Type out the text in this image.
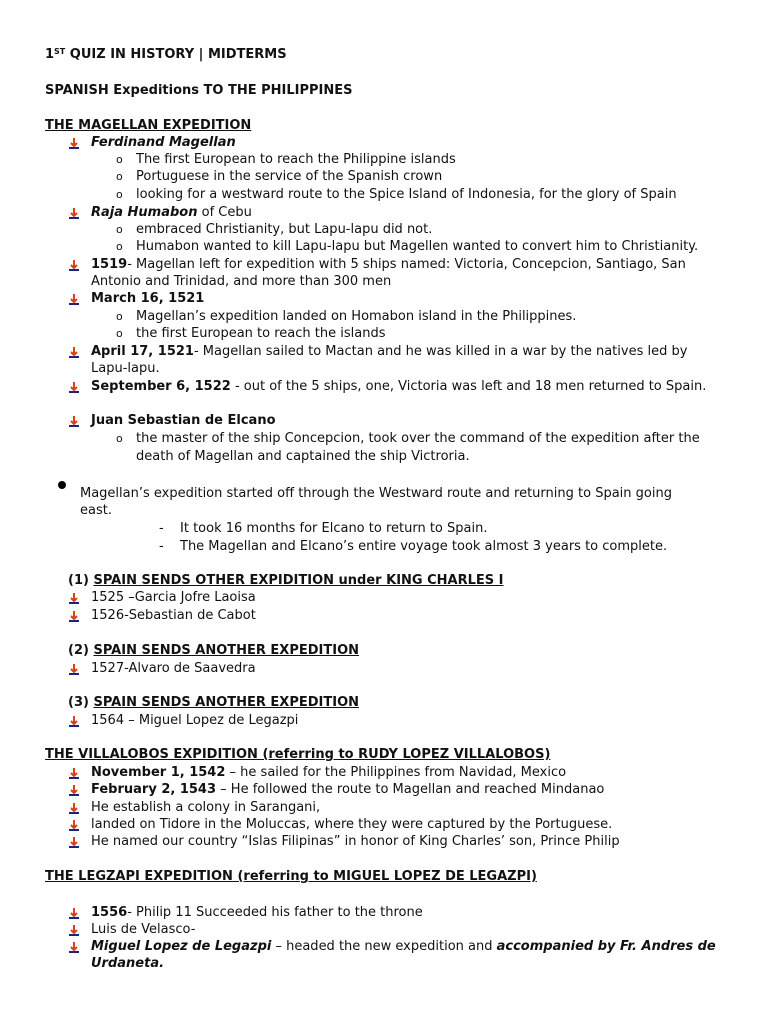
1ST QUIZ IN HISTORY | MIDTERMS
SPANISH Expeditions TO THE PHILIPPINES
THE MAGELLAN EXPEDITION
Ferdinand Magellan
o The first European to reach the Philippine islands
o Portuguese in the service of the Spanish crown
o looking for a westward route to the Spice Island of Indonesia, for the glory of Spain
Raja Humabon of Cebu
o embraced Christianity, but Lapu-lapu did not.
o Humabon wanted to kill Lapu-lapu but Magellen wanted to convert him to Christianity.
1519- Magellan left for expedition with 5 ships named: Victoria, Concepcion, Santiago, San
Antonio and Trinidad, and more than 300 men
March 16, 1521
o Magellan’s expedition landed on Homabon island in the Philippines.
o the first European to reach the islands
April 17, 1521- Magellan sailed to Mactan and he was killed in a war by the natives led by
Lapu-lapu.
September 6, 1522 - out of the 5 ships, one, Victoria was left and 18 men returned to Spain.
Juan Sebastian de Elcano
o the master of the ship Concepcion, took over the command of the expedition after the
death of Magellan and captained the ship Victroria.
Magellan’s expedition started off through the Westward route and returning to Spain going
east.
- It took 16 months for Elcano to return to Spain.
- The Magellan and Elcano’s entire voyage took almost 3 years to complete.
(1) SPAIN SENDS OTHER EXPIDITION under KING CHARLES I
1525 –Garcia Jofre Laoisa
1526-Sebastian de Cabot
(2) SPAIN SENDS ANOTHER EXPEDITION
1527-Alvaro de Saavedra
(3) SPAIN SENDS ANOTHER EXPEDITION
1564 – Miguel Lopez de Legazpi
THE VILLALOBOS EXPIDITION (referring to RUDY LOPEZ VILLALOBOS)
November 1, 1542 – he sailed for the Philippines from Navidad, Mexico
February 2, 1543 – He followed the route to Magellan and reached Mindanao
He establish a colony in Sarangani,
landed on Tidore in the Moluccas, where they were captured by the Portuguese.
He named our country “Islas Filipinas” in honor of King Charles’ son, Prince Philip
THE LEGZAPI EXPEDITION (referring to MIGUEL LOPEZ DE LEGAZPI)
1556- Philip 11 Succeeded his father to the throne
Luis de Velasco-
Miguel Lopez de Legazpi – headed the new expedition and accompanied by Fr. Andres de
Urdaneta.
